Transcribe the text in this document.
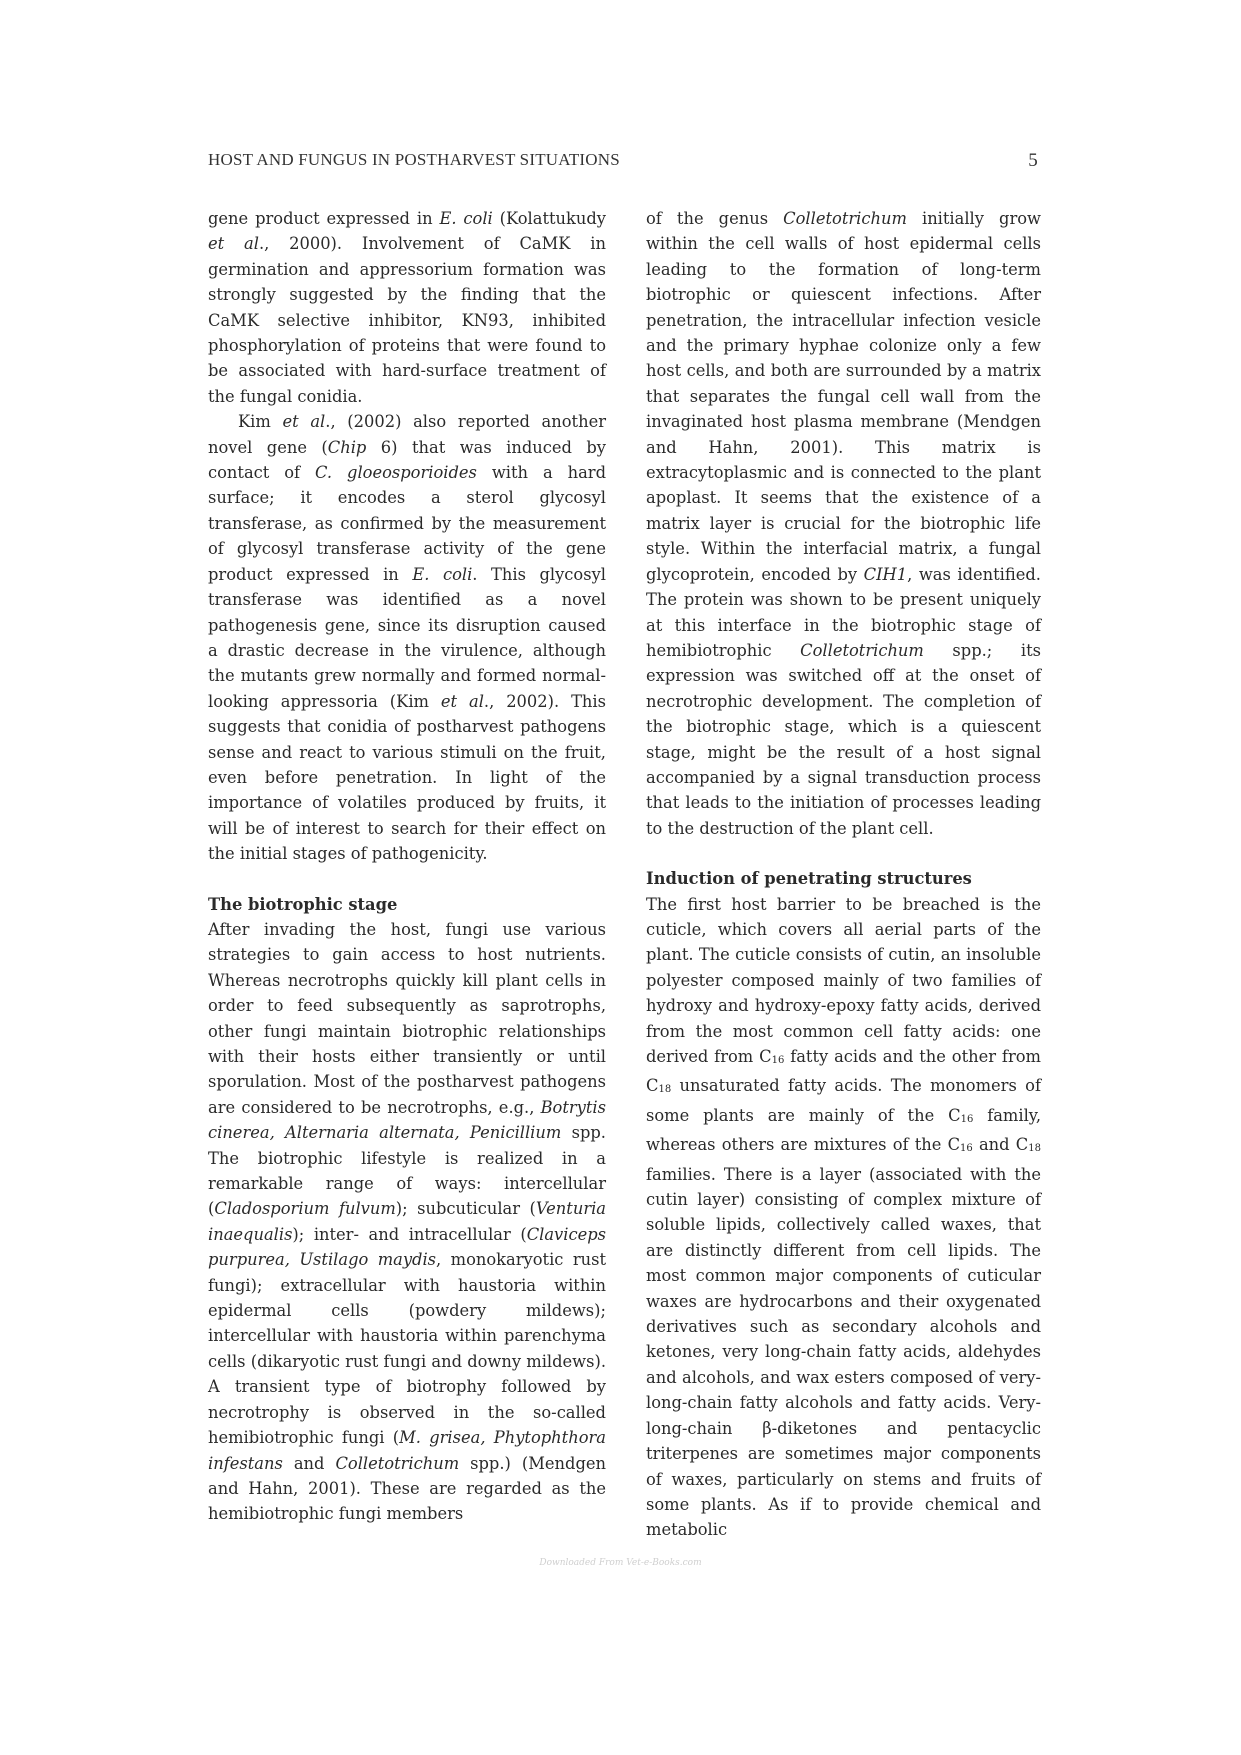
HOST AND FUNGUS IN POSTHARVEST SITUATIONS	5

gene product expressed in E. coli (Kolattukudy et al., 2000). Involvement of CaMK in germination and appressorium formation was strongly suggested by the finding that the CaMK selective inhibitor, KN93, inhibited phosphorylation of proteins that were found to be associated with hard-surface treatment of the fungal conidia.

Kim et al., (2002) also reported another novel gene (Chip 6) that was induced by contact of C. gloeosporioides with a hard surface; it encodes a sterol glycosyl transferase, as confirmed by the measurement of glycosyl transferase activity of the gene product expressed in E. coli. This glycosyl transferase was identified as a novel pathogenesis gene, since its disruption caused a drastic decrease in the virulence, although the mutants grew normally and formed normal-looking appressoria (Kim et al., 2002). This suggests that conidia of postharvest pathogens sense and react to various stimuli on the fruit, even before penetration. In light of the importance of volatiles produced by fruits, it will be of interest to search for their effect on the initial stages of pathogenicity.

The biotrophic stage

After invading the host, fungi use various strategies to gain access to host nutrients. Whereas necrotrophs quickly kill plant cells in order to feed subsequently as saprotrophs, other fungi maintain biotrophic relationships with their hosts either transiently or until sporulation. Most of the postharvest pathogens are considered to be necrotrophs, e.g., Botrytis cinerea, Alternaria alternata, Penicillium spp. The biotrophic lifestyle is realized in a remarkable range of ways: intercellular (Cladosporium fulvum); subcuticular (Venturia inaequalis); inter- and intracellular (Claviceps purpurea, Ustilago maydis, monokaryotic rust fungi); extracellular with haustoria within epidermal cells (powdery mildews); intercellular with haustoria within parenchyma cells (dikaryotic rust fungi and downy mildews). A transient type of biotrophy followed by necrotrophy is observed in the so-called hemibiotrophic fungi (M. grisea, Phytophthora infestans and Colletotrichum spp.) (Mendgen and Hahn, 2001). These are regarded as the hemibiotrophic fungi members

of the genus Colletotrichum initially grow within the cell walls of host epidermal cells leading to the formation of long-term biotrophic or quiescent infections. After penetration, the intracellular infection vesicle and the primary hyphae colonize only a few host cells, and both are surrounded by a matrix that separates the fungal cell wall from the invaginated host plasma membrane (Mendgen and Hahn, 2001). This matrix is extracytoplasmic and is connected to the plant apoplast. It seems that the existence of a matrix layer is crucial for the biotrophic life style. Within the interfacial matrix, a fungal glycoprotein, encoded by CIH1, was identified. The protein was shown to be present uniquely at this interface in the biotrophic stage of hemibiotrophic Colletotrichum spp.; its expression was switched off at the onset of necrotrophic development. The completion of the biotrophic stage, which is a quiescent stage, might be the result of a host signal accompanied by a signal transduction process that leads to the initiation of processes leading to the destruction of the plant cell.

Induction of penetrating structures

The first host barrier to be breached is the cuticle, which covers all aerial parts of the plant. The cuticle consists of cutin, an insoluble polyester composed mainly of two families of hydroxy and hydroxy-epoxy fatty acids, derived from the most common cell fatty acids: one derived from $C_{16}$ fatty acids and the other from $C_{18}$ unsaturated fatty acids. The monomers of some plants are mainly of the $C_{16}$ family, whereas others are mixtures of the $C_{16}$ and $C_{18}$ families. There is a layer (associated with the cutin layer) consisting of complex mixture of soluble lipids, collectively called waxes, that are distinctly different from cell lipids. The most common major components of cuticular waxes are hydrocarbons and their oxygenated derivatives such as secondary alcohols and ketones, very long-chain fatty acids, aldehydes and alcohols, and wax esters composed of very-long-chain fatty alcohols and fatty acids. Very-long-chain β-diketones and pentacyclic triterpenes are sometimes major components of waxes, particularly on stems and fruits of some plants. As if to provide chemical and metabolic

Downloaded From Vet-e-Books.com
